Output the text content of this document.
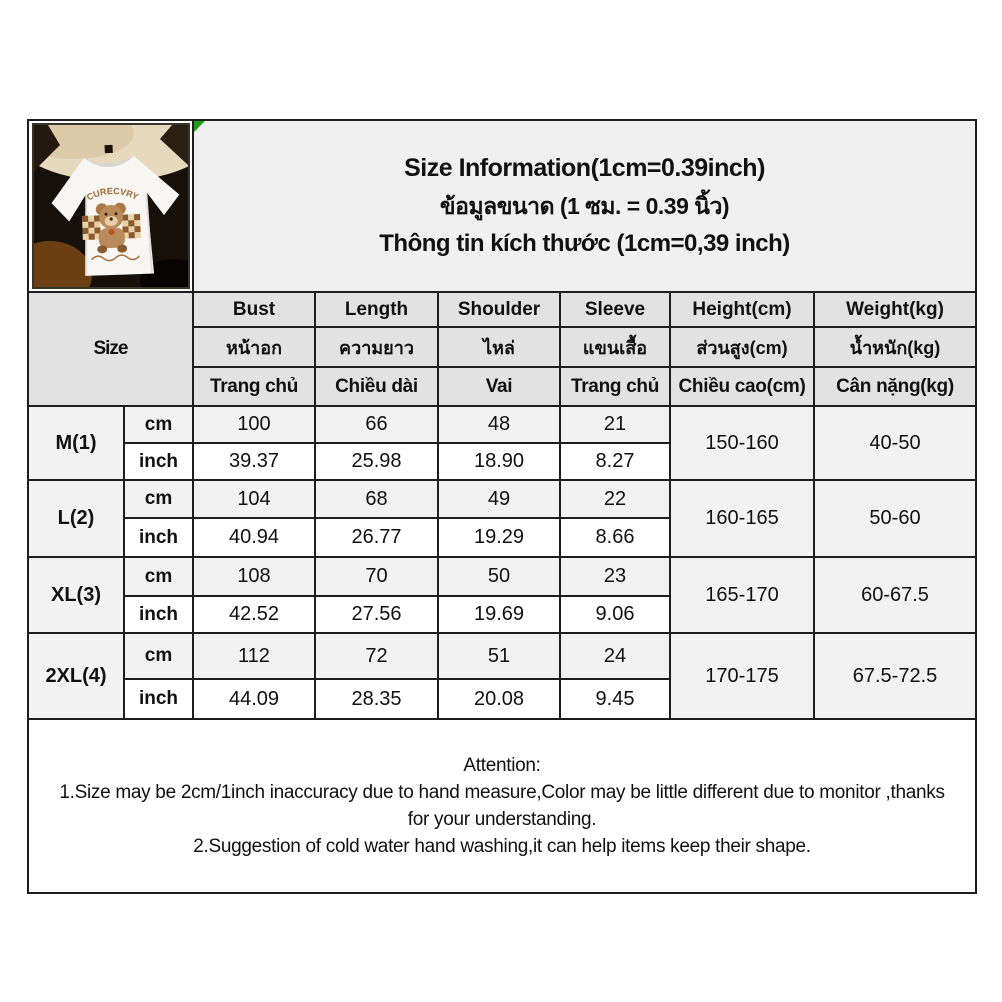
CURECVRY		Size Information(1cm=0.39inch)
ข้อมูลขนาด (1 ซม. = 0.39 นิ้ว)
Thông tin kích thước (1cm=0,39 inch)					

Size		Bust	Length	Shoulder	Sleeve	Height(cm)	Weight(kg)
		หน้าอก	ความยาว	ไหล่	แขนเสื้อ	ส่วนสูง(cm)	น้ำหนัก(kg)
		Trang chủ	Chiều dài	Vai	Trang chủ	Chiều cao(cm)	Cân nặng(kg)
M(1)	cm	100	66	48	21	150-160	40-50
	inch	39.37	25.98	18.90	8.27		
L(2)	cm	104	68	49	22	160-165	50-60
	inch	40.94	26.77	19.29	8.66		
XL(3)	cm	108	70	50	23	165-170	60-67.5
	inch	42.52	27.56	19.69	9.06		
2XL(4)	cm	112	72	51	24	170-175	67.5-72.5
	inch	44.09	28.35	20.08	9.45		

Attention:
1.Size may be 2cm/1inch inaccuracy due to hand measure,Color may be little different due to monitor ,thanks
for your understanding.
2.Suggestion of cold water hand washing,it can help items keep their shape.							
